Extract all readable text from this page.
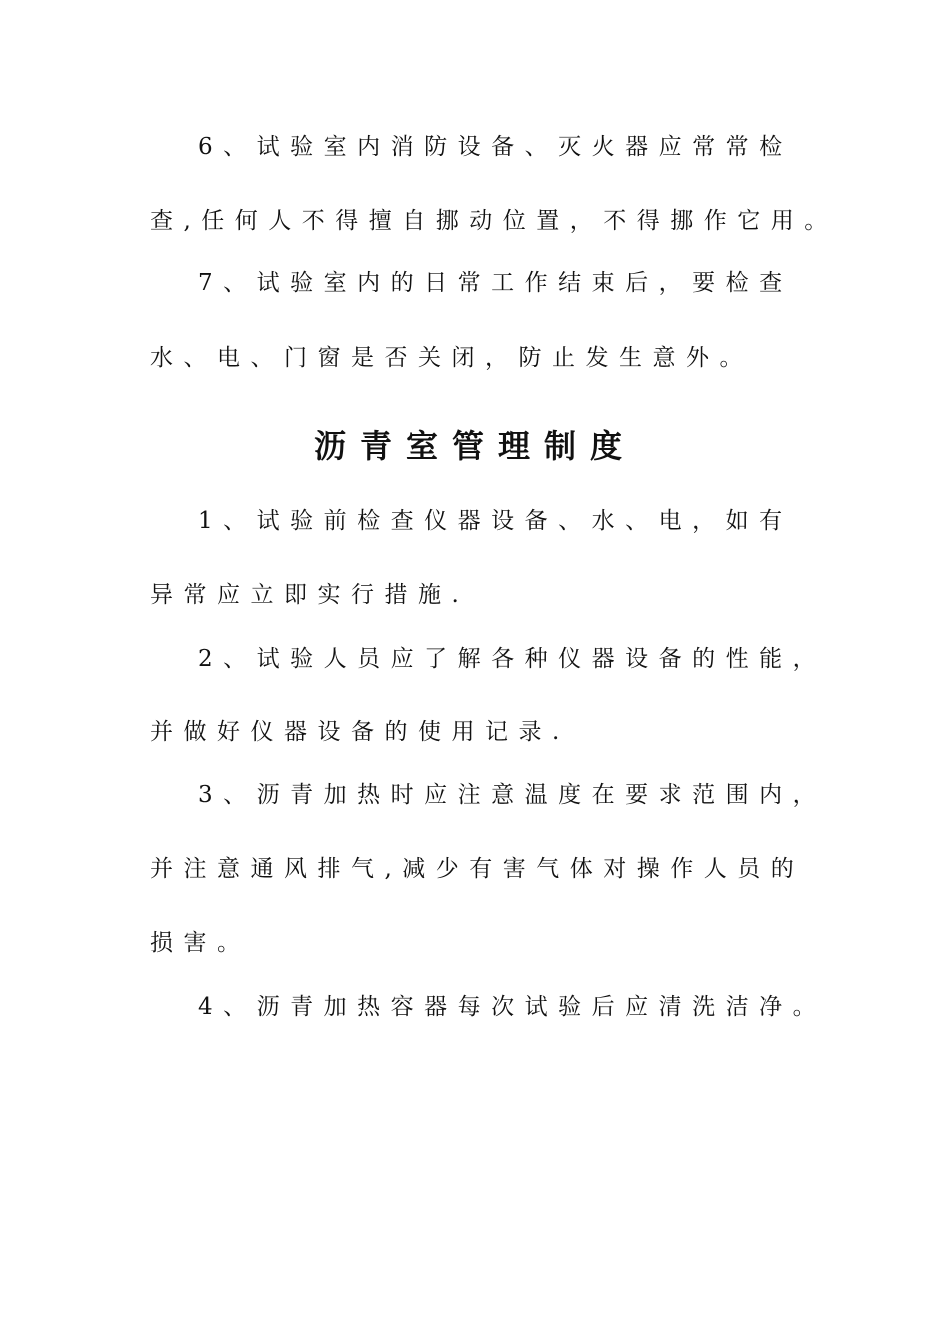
6、试验室内消防设备、灭火器应常常检
查,任何人不得擅自挪动位置，不得挪作它用。
7、试验室内的日常工作结束后，要检查
水、电、门窗是否关闭，防止发生意外。
沥青室管理制度
1、试验前检查仪器设备、水、电，如有
异常应立即实行措施.
2、试验人员应了解各种仪器设备的性能，
并做好仪器设备的使用记录.
3、沥青加热时应注意温度在要求范围内，
并注意通风排气,减少有害气体对操作人员的
损害。
4、沥青加热容器每次试验后应清洗洁净。
